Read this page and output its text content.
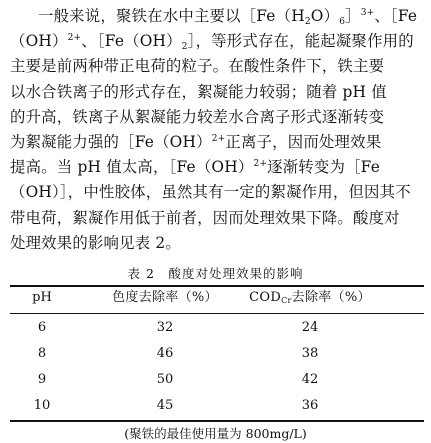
一般来说，聚铁在水中主要以$[Fe(H_2O)_6]^{3+}$、［Fe
（OH）$^{2+}$、$[Fe(OH)_2]$，等形式存在，能起凝聚作用的
主要是前两种带正电荷的粒子。在酸性条件下，铁主要
以水合铁离子的形式存在，絮凝能力较弱；随着 pH 值
的升高，铁离子从絮凝能力较差水合离子形式逐渐转变
为絮凝能力强的［Fe（OH）$^{2+}$正离子，因而处理效果
提高。当 pH 值太高，［Fe（OH）$^{2+}$逐渐转变为［Fe
（OH）］，中性胶体，虽然其有一定的絮凝作用，但因其不
带电荷，絮凝作用低于前者，因而处理效果下降。酸度对
处理效果的影响见表 2。
表 2　酸度对处理效果的影响
pH	色度去除率（%）	$COD_{Cr}$去除率（%）
6	32	24
8	46	38
9	50	42
10	45	36
(聚铁的最佳使用量为 800mg/L)
